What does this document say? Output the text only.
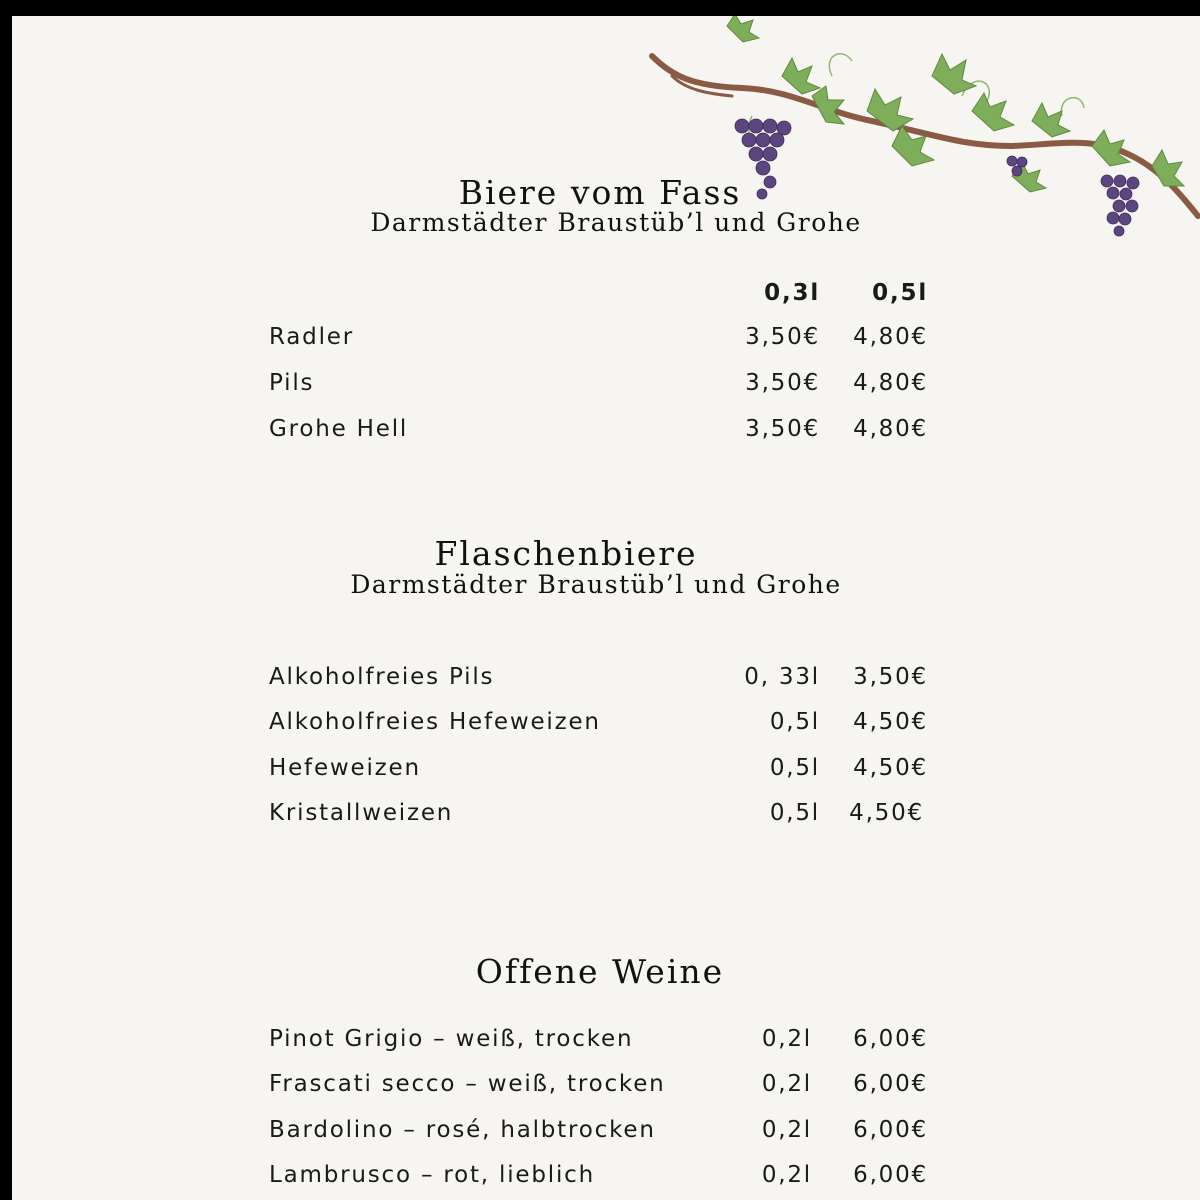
Biere vom Fass
Darmstädter Braustüb’l und Grohe
0,3l	0,5l
Radler	3,50€	4,80€
Pils	3,50€	4,80€
Grohe Hell	3,50€	4,80€
Flaschenbiere
Darmstädter Braustüb’l und Grohe
Alkoholfreies Pils	0, 33l	3,50€
Alkoholfreies Hefeweizen	0,5l	4,50€
Hefeweizen	0,5l	4,50€
Kristallweizen	0,5l	4,50€
Offene Weine
Pinot Grigio – weiß, trocken	0,2l	6,00€
Frascati secco – weiß, trocken	0,2l	6,00€
Bardolino – rosé, halbtrocken	0,2l	6,00€
Lambrusco – rot, lieblich	0,2l	6,00€
